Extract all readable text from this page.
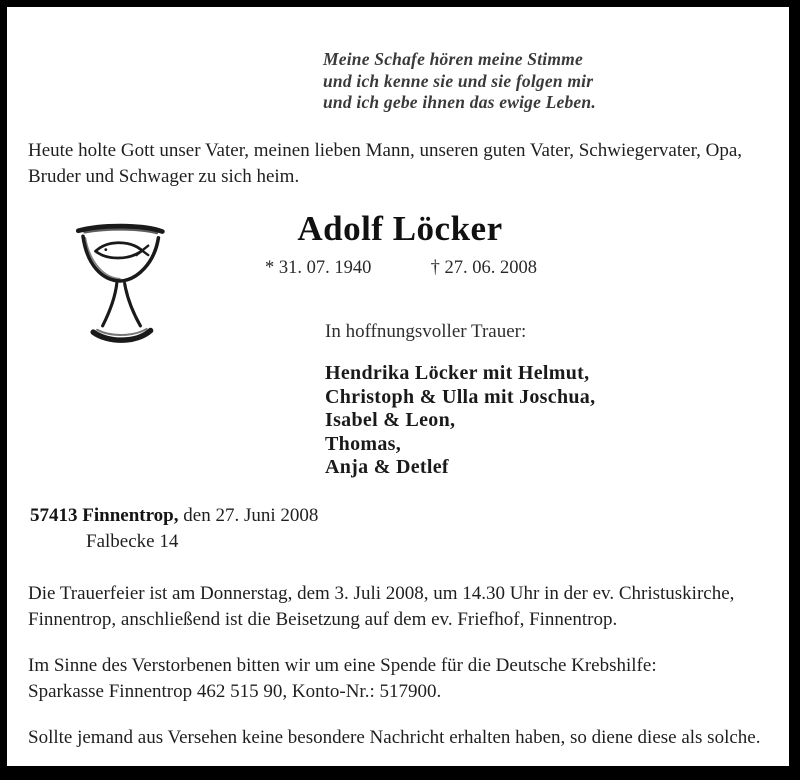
Meine Schafe hören meine Stimme
und ich kenne sie und sie folgen mir
und ich gebe ihnen das ewige Leben.
Heute holte Gott unser Vater, meinen lieben Mann, unseren guten Vater, Schwiegervater, Opa,
Bruder und Schwager zu sich heim.
Adolf Löcker
* 31. 07. 1940	† 27. 06. 2008
In hoffnungsvoller Trauer:
Hendrika Löcker mit Helmut,
Christoph & Ulla mit Joschua,
Isabel & Leon,
Thomas,
Anja & Detlef
57413 Finnentrop, den 27. Juni 2008
Falbecke 14
Die Trauerfeier ist am Donnerstag, dem 3. Juli 2008, um 14.30 Uhr in der ev. Christuskirche,
Finnentrop, anschließend ist die Beisetzung auf dem ev. Friefhof, Finnentrop.
Im Sinne des Verstorbenen bitten wir um eine Spende für die Deutsche Krebshilfe:
Sparkasse Finnentrop 462 515 90, Konto-Nr.: 517900.
Sollte jemand aus Versehen keine besondere Nachricht erhalten haben, so diene diese als solche.
